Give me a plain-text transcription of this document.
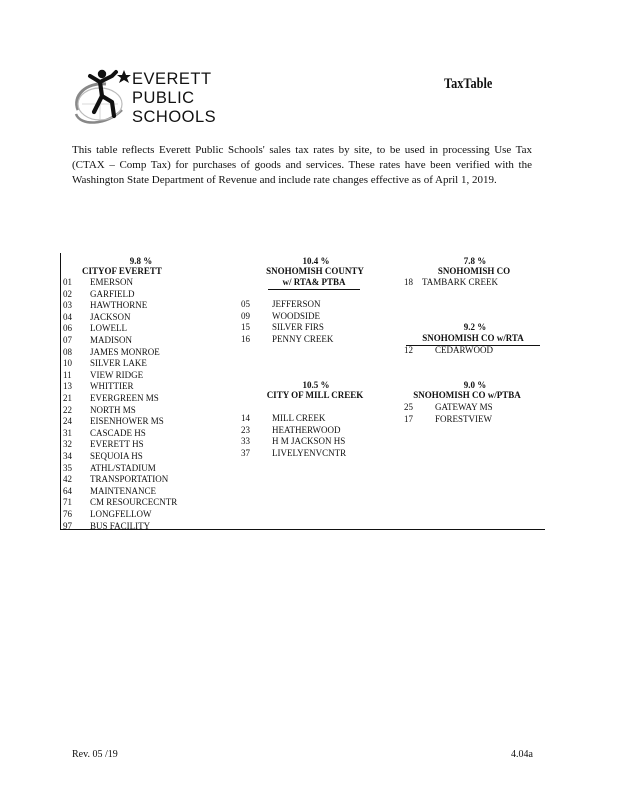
EVERETT
PUBLIC
SCHOOLS
TaxTable
This table reflects Everett Public Schools' sales tax rates by site, to be used in processing Use Tax (CTAX – Comp Tax) for purchases of goods and services. These rates have been verified with the Washington State Department of Revenue and include rate changes effective as of April 1, 2019.
9.8 %
CITYOF EVERETT
01 EMERSON
02 GARFIELD
03 HAWTHORNE
04 JACKSON
06 LOWELL
07 MADISON
08 JAMES MONROE
10 SILVER LAKE
11 VIEW RIDGE
13 WHITTIER
21 EVERGREEN MS
22 NORTH MS
24 EISENHOWER MS
31 CASCADE HS
32 EVERETT HS
34 SEQUOIA HS
35 ATHL/STADIUM
42 TRANSPORTATION
64 MAINTENANCE
71 CM RESOURCECNTR
76 LONGFELLOW
97 BUS FACILITY
10.4 %
SNOHOMISH COUNTY
w/ RTA& PTBA
05 JEFFERSON
09 WOODSIDE
15 SILVER FIRS
16 PENNY CREEK
10.5 %
CITY OF MILL CREEK
14 MILL CREEK
23 HEATHERWOOD
33 H M JACKSON HS
37 LIVELYENVCNTR
7.8 %
SNOHOMISH CO
18 TAMBARK CREEK
9.2 %
SNOHOMISH CO w/RTA
12 CEDARWOOD
9.0 %
SNOHOMISH CO w/PTBA
25 GATEWAY MS
17 FORESTVIEW
Rev. 05 /19	4.04a
